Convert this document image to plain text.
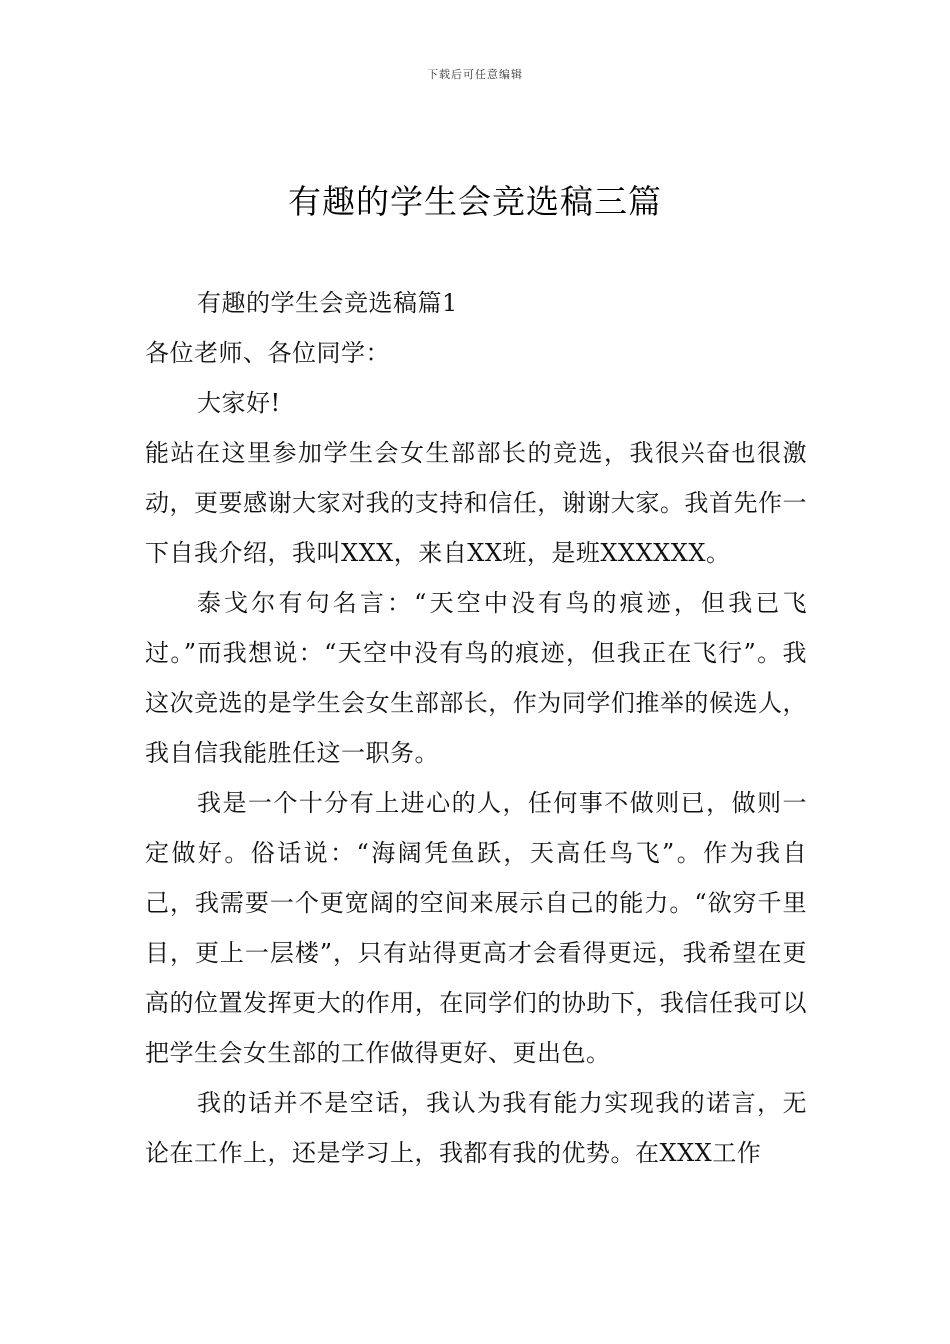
下载后可任意编辑
有趣的学生会竞选稿三篇

有趣的学生会竞选稿篇1

各位老师、各位同学：

大家好!

能站在这里参加学生会女生部部长的竞选，我很兴奋也很激动，更要感谢大家对我的支持和信任，谢谢大家。我首先作一下自我介绍，我叫XXX，来自XX班，是班XXXXXX。

泰戈尔有句名言：“天空中没有鸟的痕迹，但我已飞过。”而我想说：“天空中没有鸟的痕迹，但我正在飞行”。我这次竞选的是学生会女生部部长，作为同学们推举的候选人，我自信我能胜任这一职务。

我是一个十分有上进心的人，任何事不做则已，做则一定做好。俗话说：“海阔凭鱼跃，天高任鸟飞”。作为我自己，我需要一个更宽阔的空间来展示自己的能力。“欲穷千里目，更上一层楼”，只有站得更高才会看得更远，我希望在更高的位置发挥更大的作用，在同学们的协助下，我信任我可以把学生会女生部的工作做得更好、更出色。

我的话并不是空话，我认为我有能力实现我的诺言，无论在工作上，还是学习上，我都有我的优势。在XXX工作
